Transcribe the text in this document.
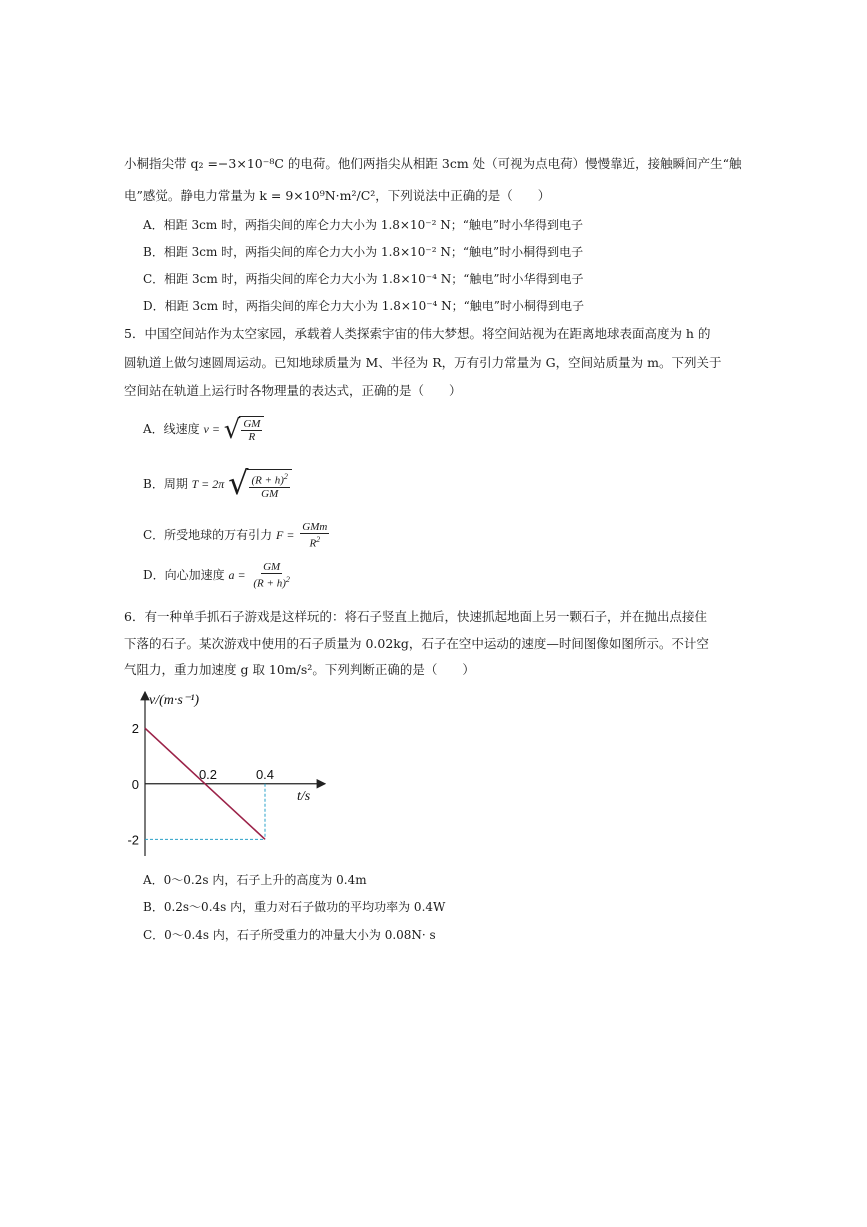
小桐指尖带 q₂ =−3×10⁻⁸C 的电荷。他们两指尖从相距 3cm 处（可视为点电荷）慢慢靠近，接触瞬间产生“触
电”感觉。静电力常量为 k = 9×10⁹N·m²/C²，下列说法中正确的是（　　）
A．相距 3cm 时，两指尖间的库仑力大小为 1.8×10⁻² N；“触电”时小华得到电子
B．相距 3cm 时，两指尖间的库仑力大小为 1.8×10⁻² N；“触电”时小桐得到电子
C．相距 3cm 时，两指尖间的库仑力大小为 1.8×10⁻⁴ N；“触电”时小华得到电子
D．相距 3cm 时，两指尖间的库仑力大小为 1.8×10⁻⁴ N；“触电”时小桐得到电子
5．中国空间站作为太空家园，承载着人类探索宇宙的伟大梦想。将空间站视为在距离地球表面高度为 h 的
圆轨道上做匀速圆周运动。已知地球质量为 M、半径为 R，万有引力常量为 G，空间站质量为 m。下列关于
空间站在轨道上运行时各物理量的表达式，正确的是（　　）
A．线速度 v = √ $\frac{GM}{R}$
B．周期 T = 2π √ $\frac{(R + h)^2}{GM}$
C．所受地球的万有引力 $F = \frac{\text{GMm}}{R^2}$
D．向心加速度 $a = \frac{GM}{(R + h)^2}$
6．有一种单手抓石子游戏是这样玩的：将石子竖直上抛后，快速抓起地面上另一颗石子，并在抛出点接住
下落的石子。某次游戏中使用的石子质量为 0.02kg，石子在空中运动的速度—时间图像如图所示。不计空
气阻力，重力加速度 g 取 10m/s²。下列判断正确的是（　　）
v/(m·s⁻¹)
t/s
2
0
-2
0.2	0.4
A．0～0.2s 内，石子上升的高度为 0.4m
B．0.2s～0.4s 内，重力对石子做功的平均功率为 0.4W
C．0～0.4s 内，石子所受重力的冲量大小为 0.08N· s
